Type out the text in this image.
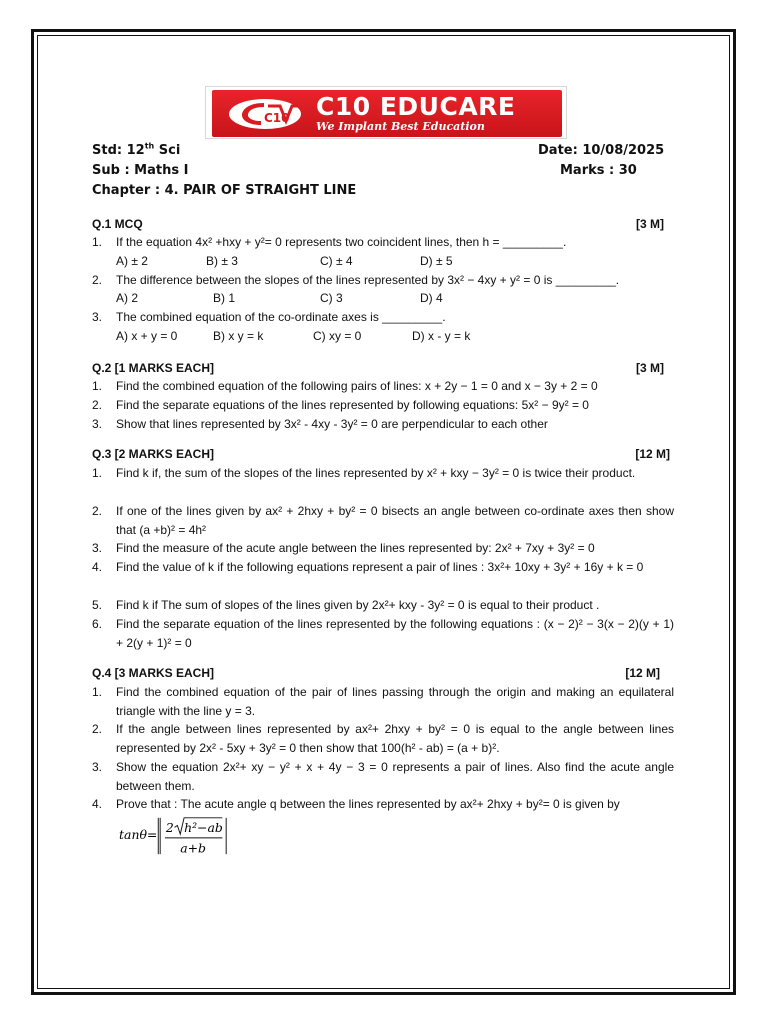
C10 C10 EDUCARE
We Implant Best Education
Std: 12th Sci	Date: 10/08/2025
Sub : Maths I	Marks : 30
Chapter : 4. PAIR OF STRAIGHT LINE
Q.1 MCQ	[3 M]
1. If the equation 4x² +hxy + y²= 0 represents two coincident lines, then h = _________.
A) ± 2	B) ± 3	C) ± 4	D) ± 5
2. The difference between the slopes of the lines represented by 3x² − 4xy + y² = 0 is _________.
A) 2	B) 1	C) 3	D) 4
3. The combined equation of the co-ordinate axes is _________.
A) x + y = 0	B) x y = k	C) xy = 0	D) x - y = k
Q.2 [1 MARKS EACH]	[3 M]
1. Find the combined equation of the following pairs of lines: x + 2y − 1 = 0 and x − 3y + 2 = 0
2. Find the separate equations of the lines represented by following equations: 5x² − 9y² = 0
3. Show that lines represented by 3x² - 4xy - 3y² = 0 are perpendicular to each other
Q.3 [2 MARKS EACH]	[12 M]
1. Find k if, the sum of the slopes of the lines represented by x² + kxy − 3y² = 0 is twice their product.
2. If one of the lines given by ax² + 2hxy + by² = 0 bisects an angle between co-ordinate axes then show that (a +b)² = 4h²
3. Find the measure of the acute angle between the lines represented by: 2x² + 7xy + 3y² = 0
4. Find the value of k if the following equations represent a pair of lines : 3x²+ 10xy + 3y² + 16y + k = 0
5. Find k if The sum of slopes of the lines given by 2x²+ kxy - 3y² = 0 is equal to their product .
6. Find the separate equation of the lines represented by the following equations : (x − 2)² − 3(x − 2)(y + 1) + 2(y + 1)² = 0
Q.4 [3 MARKS EACH]	[12 M]
1. Find the combined equation of the pair of lines passing through the origin and making an equilateral triangle with the line y = 3.
2. If the angle between lines represented by ax²+ 2hxy + by² = 0 is equal to the angle between lines represented by 2x² - 5xy + 3y² = 0 then show that 100(h² - ab) = (a + b)².
3. Show the equation 2x²+ xy − y² + x + 4y − 3 = 0 represents a pair of lines. Also find the acute angle between them.
4. Prove that : The acute angle q between the lines represented by ax²+ 2hxy + by²= 0 is given by
tanθ= 2 h²−ab
a+b
